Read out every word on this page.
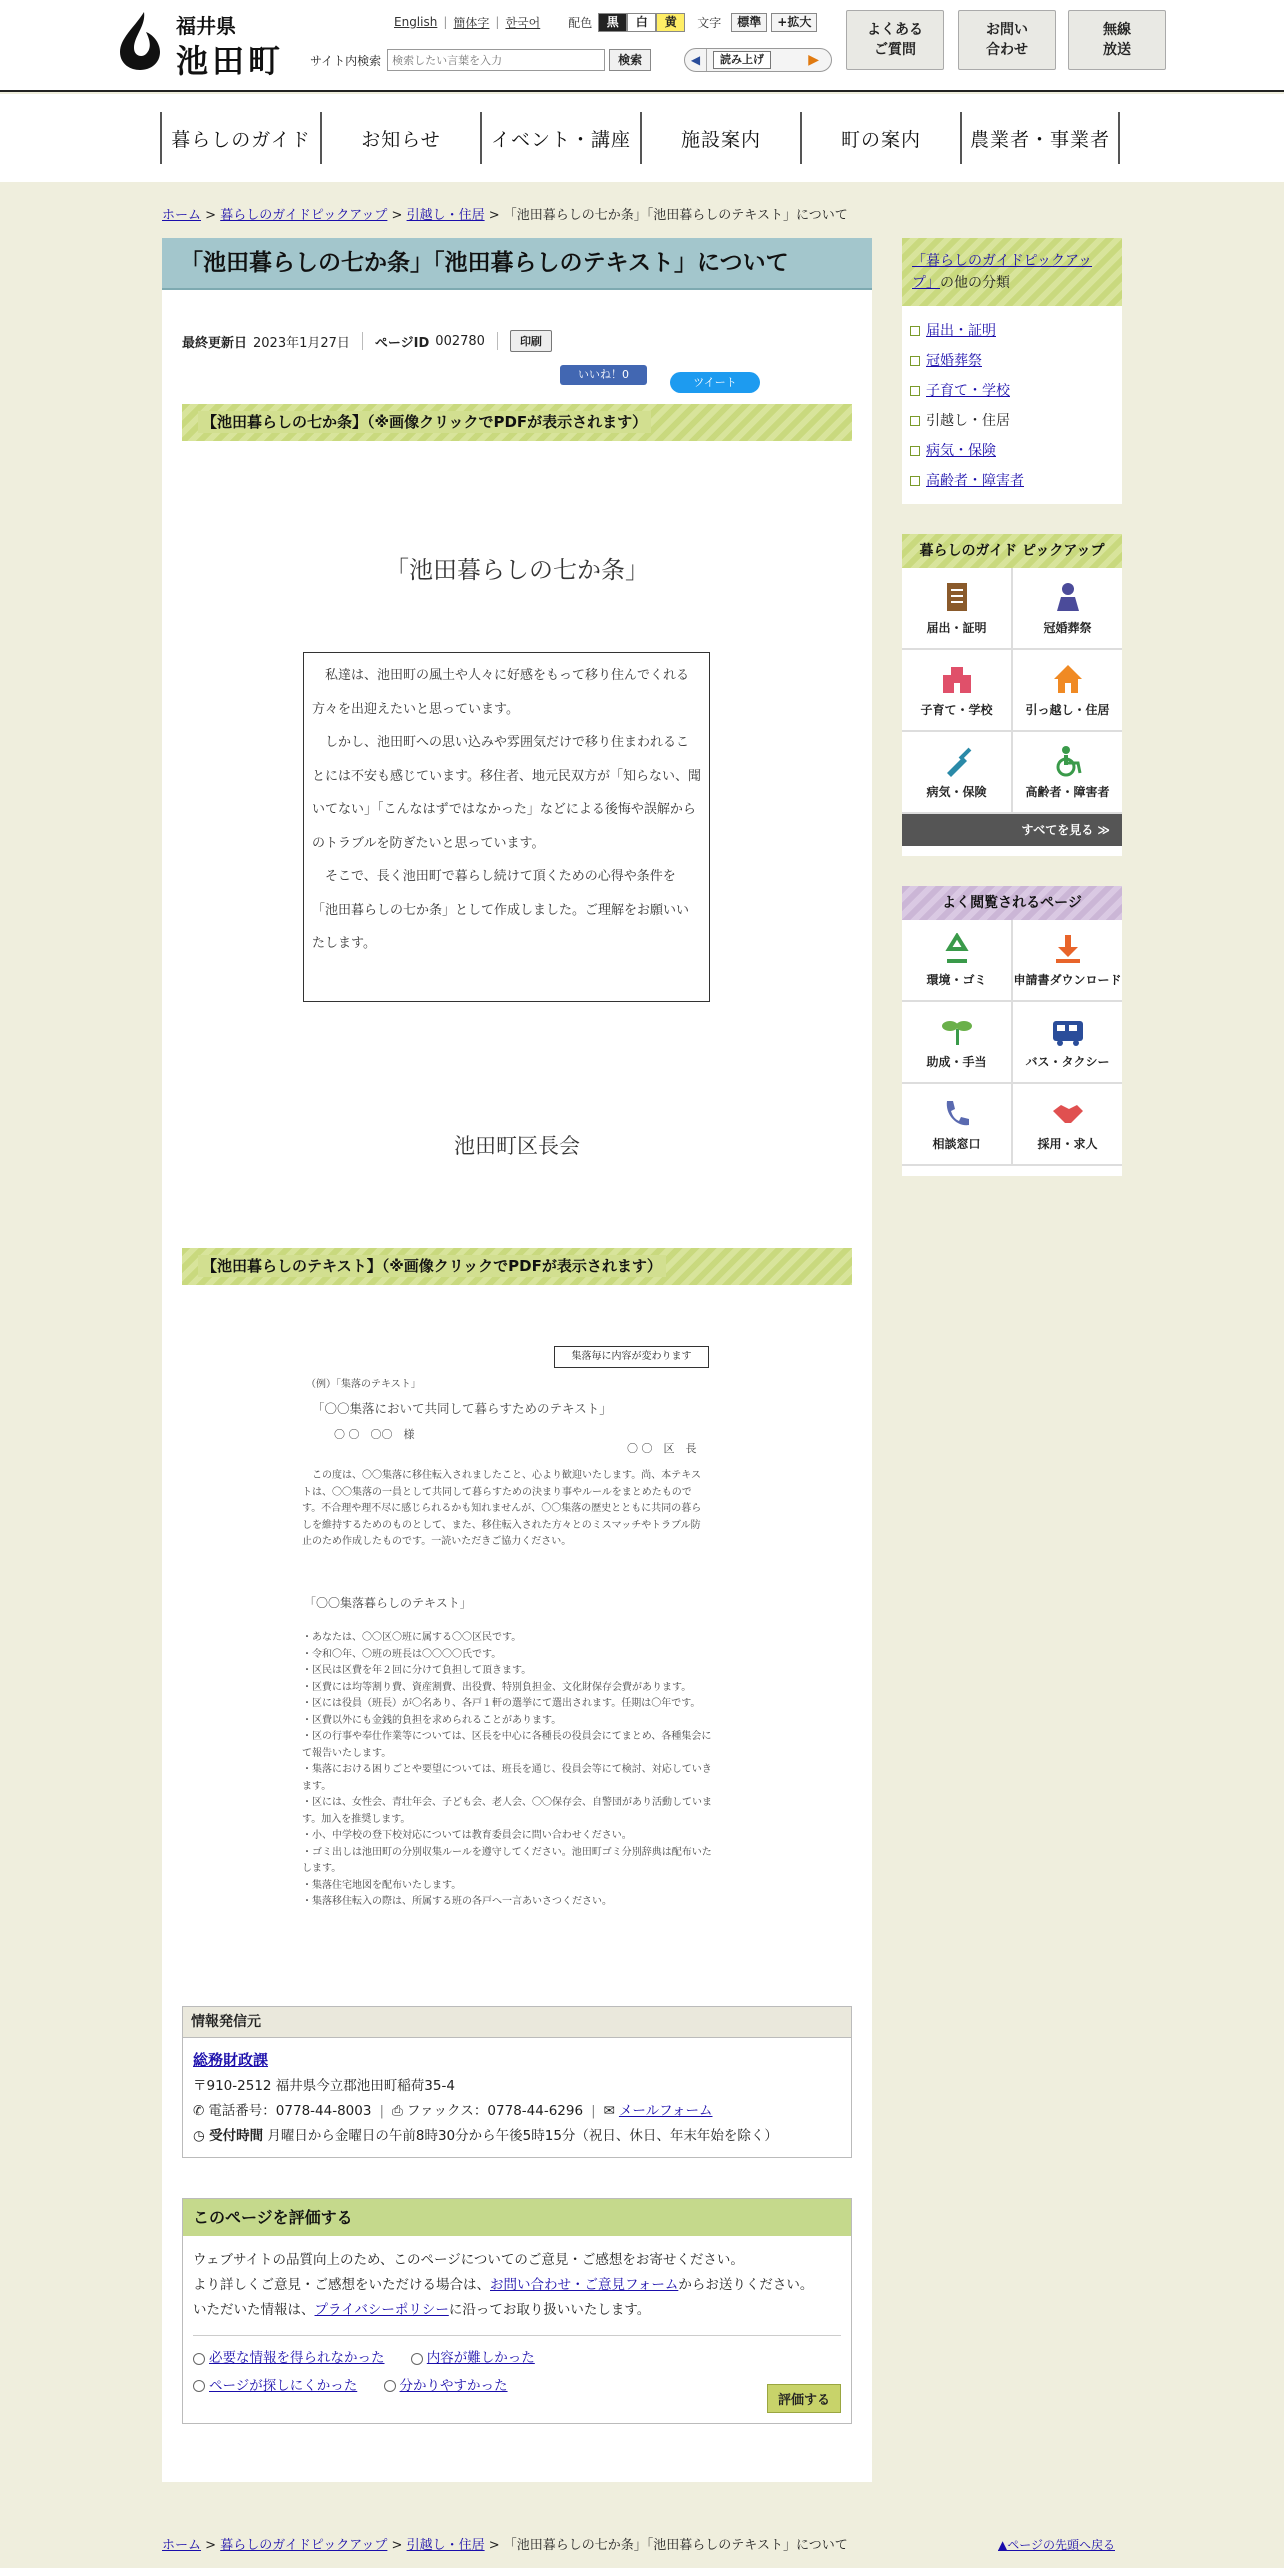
福井県
池田町
English | 簡体字 | 한국어 配色	黒	白	黄	文字	標準	+拡大
サイト内検索
検索したい言葉を入力	検索	◀	読み上げ	▶
よくある
ご質問
お問い
合わせ
無線
放送
暮らしのガイド	お知らせ	イベント・講座	施設案内	町の案内	農業者・事業者
ホーム > 暮らしのガイドピックアップ > 引越し・住居 > 「池田暮らしの七か条」「池田暮らしのテキスト」について
「池田暮らしの七か条」「池田暮らしのテキスト」について
最終更新日 2023年1月27日 ページID 002780	印刷
いいね！0
ツイート
【池田暮らしの七か条】（※画像クリックでPDFが表示されます）
「池田暮らしの七か条」
　私達は、池田町の風土や人々に好感をもって移り住んでくれる方々を出迎えたいと思っています。
　しかし、池田町への思い込みや雰囲気だけで移り住まわれることには不安も感じています。移住者、地元民双方が「知らない、聞いてない」「こんなはずではなかった」などによる後悔や誤解からのトラブルを防ぎたいと思っています。
　そこで、長く池田町で暮らし続けて頂くための心得や条件を「池田暮らしの七か条」として作成しました。ご理解をお願いいたします。
池田町区長会
【池田暮らしのテキスト】（※画像クリックでPDFが表示されます）
集落毎に内容が変わります

（例）「集落のテキスト」

「〇〇集落において共同して暮らすためのテキスト」

〇 〇　〇〇　様

〇 〇　区　長

　この度は、〇〇集落に移住転入されましたこと、心より歓迎いたします。尚、本テキストは、〇〇集落の一員として共同して暮らすための決まり事やルールをまとめたものです。不合理や理不尽に感じられるかも知れませんが、〇〇集落の歴史とともに共同の暮らしを維持するためのものとして、また、移住転入された方々とのミスマッチやトラブル防止のため作成したものです。一読いただきご協力ください。

「〇〇集落暮らしのテキスト」

・あなたは、〇〇区〇班に属する〇〇区民です。
・令和〇年、〇班の班長は〇〇〇〇氏です。
・区民は区費を年２回に分けて負担して頂きます。
・区費には均等割り費、資産割費、出役費、特別負担金、文化財保存会費があります。
・区には役員（班長）が〇名あり、各戸１軒の選挙にて選出されます。任期は〇年です。
・区費以外にも金銭的負担を求められることがあります。
・区の行事や奉仕作業等については、区長を中心に各種長の役員会にてまとめ、各種集会にて報告いたします。
・集落における困りごとや要望については、班長を通じ、役員会等にて検討、対応していきます。
・区には、女性会、青壮年会、子ども会、老人会、〇〇保存会、自警団があり活動しています。加入を推奨します。
・小、中学校の登下校対応については教育委員会に問い合わせください。
・ゴミ出しは池田町の分別収集ルールを遵守してください。池田町ゴミ分別辞典は配布いたします。
・集落住宅地図を配布いたします。
・集落移住転入の際は、所属する班の各戸へ一言あいさつください。
情報発信元
総務財政課
〒910-2512 福井県今立郡池田町稲荷35-4
✆ 電話番号：0778-44-8003 | ⎙ ファックス：0778-44-6296 | ✉ メールフォーム
◷ 受付時間 月曜日から金曜日の午前8時30分から午後5時15分（祝日、休日、年末年始を除く）
このページを評価する
ウェブサイトの品質向上のため、このページについてのご意見・ご感想をお寄せください。
より詳しくご意見・ご感想をいただける場合は、お問い合わせ・ご意見フォームからお送りください。
いただいた情報は、プライバシーポリシーに沿ってお取り扱いいたします。
必要な情報を得られなかった
	内容が難しかった
ページが探しにくかった
	分かりやすかった
評価する
「暮らしのガイドピックアップ」の他の分類
届出・証明
冠婚葬祭
子育て・学校
引越し・住居
病気・保険
高齢者・障害者
暮らしのガイド ピックアップ
届出・証明	冠婚葬祭
子育て・学校	引っ越し・住居
病気・保険	高齢者・障害者
すべてを見る ≫
よく閲覧されるページ
環境・ゴミ 申請書ダウンロード
助成・手当	バス・タクシー
相談窓口	採用・求人
ホーム > 暮らしのガイドピックアップ > 引越し・住居 > 「池田暮らしの七か条」「池田暮らしのテキスト」について	▲ページの先頭へ戻る
